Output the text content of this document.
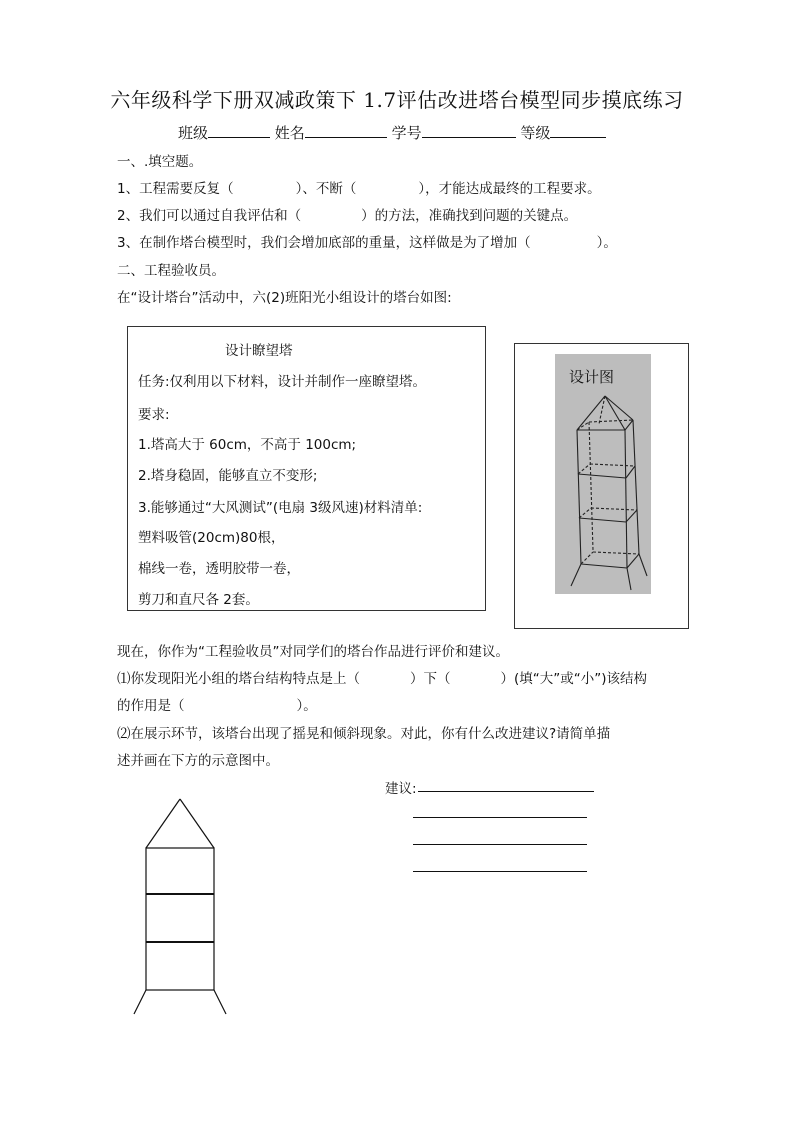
六年级科学下册双减政策下 1.7评估改进塔台模型同步摸底练习
班级	姓名	学号	等级
一、.填空题。
1、工程需要反复（	）、不断（	），才能达成最终的工程要求。
2、我们可以通过自我评估和（	）的方法，准确找到问题的关键点。
3、在制作塔台模型时，我们会增加底部的重量，这样做是为了增加（	）。
二、工程验收员。
在“设计塔台”活动中，六(2)班阳光小组设计的塔台如图:
设计瞭望塔
任务:仅利用以下材料，设计并制作一座瞭望塔。
要求:
1.塔高大于 60cm，不高于 100cm;
2.塔身稳固，能够直立不变形;
3.能够通过“大风测试”(电扇 3级风速)材料清单:
塑料吸管(20cm)80根，
棉线一卷，透明胶带一卷，
剪刀和直尺各 2套。
设计图
现在，你作为“工程验收员”对同学们的塔台作品进行评价和建议。
⑴你发现阳光小组的塔台结构特点是上（	）下（	）(填“大”或“小”)该结构
的作用是（	）。
⑵在展示环节，该塔台出现了摇晃和倾斜现象。对此，你有什么改进建议?请简单描
述并画在下方的示意图中。
建议:
